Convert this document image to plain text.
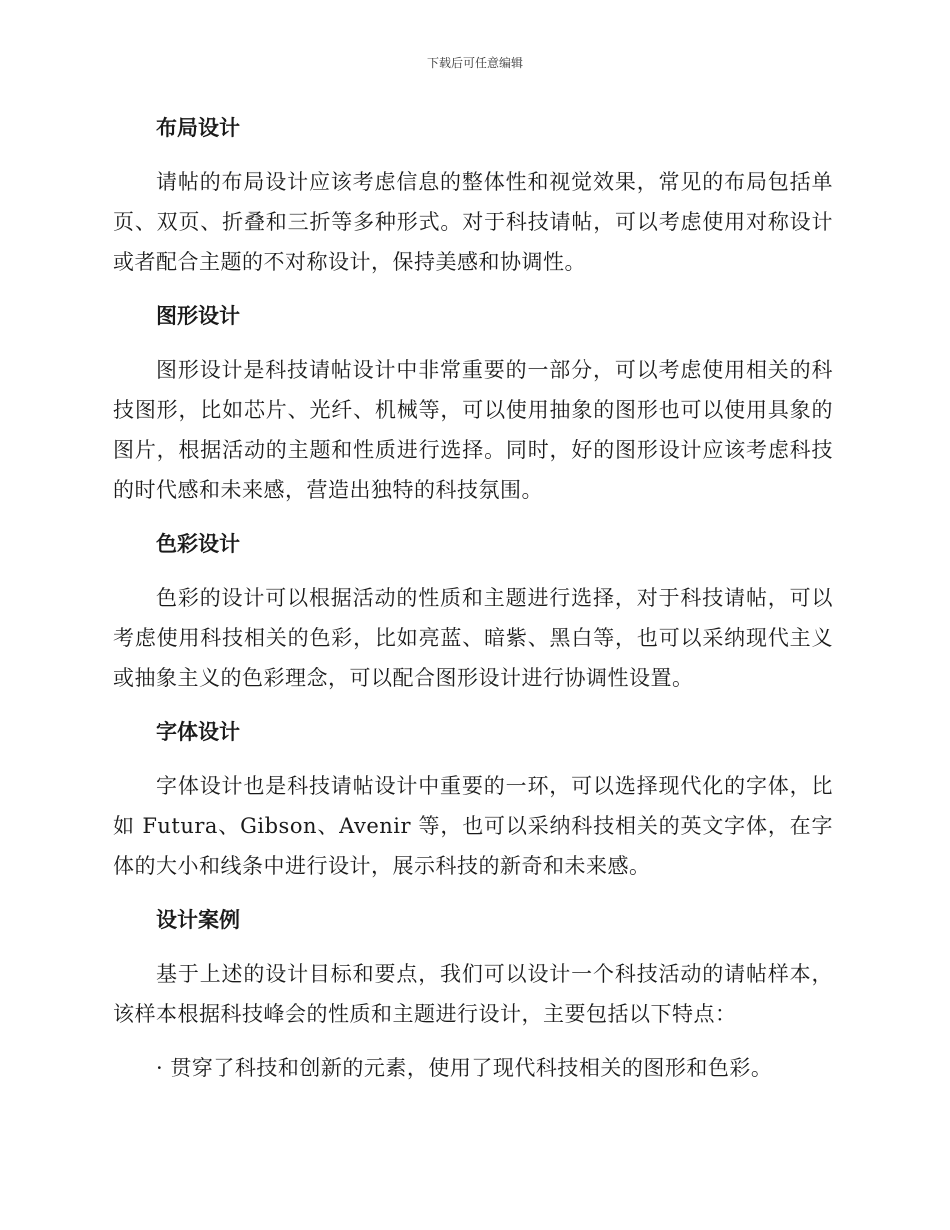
下载后可任意编辑
布局设计

请帖的布局设计应该考虑信息的整体性和视觉效果，常见的布局包括单页、双页、折叠和三折等多种形式。对于科技请帖，可以考虑使用对称设计或者配合主题的不对称设计，保持美感和协调性。

图形设计

图形设计是科技请帖设计中非常重要的一部分，可以考虑使用相关的科技图形，比如芯片、光纤、机械等，可以使用抽象的图形也可以使用具象的图片，根据活动的主题和性质进行选择。同时，好的图形设计应该考虑科技的时代感和未来感，营造出独特的科技氛围。

色彩设计

色彩的设计可以根据活动的性质和主题进行选择，对于科技请帖，可以考虑使用科技相关的色彩，比如亮蓝、暗紫、黑白等，也可以采纳现代主义或抽象主义的色彩理念，可以配合图形设计进行协调性设置。

字体设计

字体设计也是科技请帖设计中重要的一环，可以选择现代化的字体，比如 Futura、Gibson、Avenir 等，也可以采纳科技相关的英文字体，在字体的大小和线条中进行设计，展示科技的新奇和未来感。

设计案例

基于上述的设计目标和要点，我们可以设计一个科技活动的请帖样本，该样本根据科技峰会的性质和主题进行设计，主要包括以下特点：

· 贯穿了科技和创新的元素，使用了现代科技相关的图形和色彩。
